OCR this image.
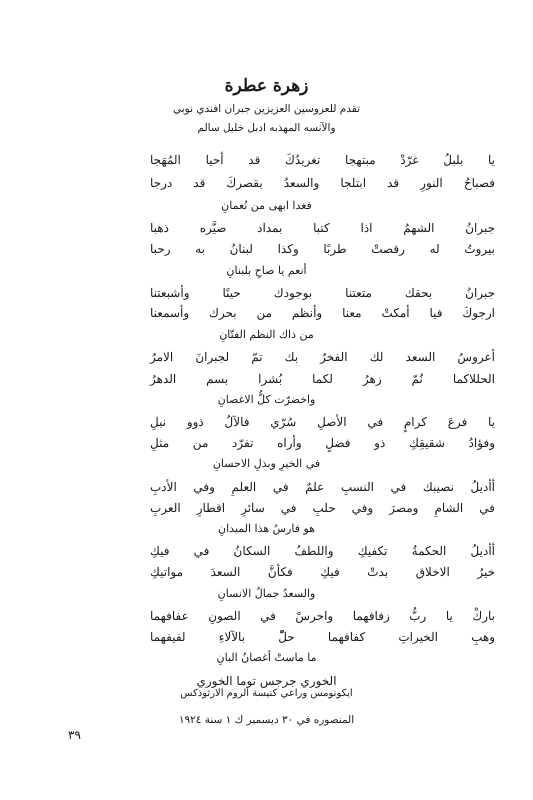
زهرة عطرة
تقدم للعروسين العزيزين جبران افندي نوبي
والآنسه المهذبه ادبل خليل سالم
يا بلبلُ غرّدْ مبتهجا تغريدُكَ قد أحيا المُهَجا
فصباحُ النورِ قد ابتلجا والسعدُ بقصركَ قد درجا
فغدا ابهى من نُعمانِ
جبرانُ الشهمُ اذا كتبا بمداد صيَّره ذهبا
بيروتُ له رقصتْ طربًا وكذا لبنانُ به رحبا
أنعم يا صاحِ بلبنانِ
جبرانُ بحقك متعتنا بوجودك حينًا وأشبعتنا
ارجوكَ فيا أمكتْ معنا وأنظم من بحرك وأسمعنا
من ذاك النظم الفتّانِ
أعروسُ السعد لك الفخرُ بك تمّ لجبرانَ الامرُ
الحللاكما نُمّ زهرُ لكما بُشرا بسم الدهرُ
واخضرّت كلُّ الاغصانِ
يا فرعَ كرامٍ في الأصلِ سُرّي فالآلُ ذوو نبلِ
وفؤادُ شقيقِكِ ذو فضلٍ وأراه تفرّد من مثلِ
في الخيرِ وبذلِ الاحسانِ
أأديلُ نصيبك في النسبِ علمٌ في العلمِ وفي الأدبِ
في الشامِ ومصرَ وفي حلبِ في سائرِ اقطارِ العربِ
هو فارسُ هذا الميدانِ
أأديلُ الحكمةُ تكفيكِ واللطفُ السكانُ في فيكِ
خيرُ الاخلاق بدتْ فيكِ فكأنَّ السعدَ مواتيكِ
والسعدُ جمالُ الانسانِ
باركْ يا ربُّ زفافهما واحرسْ في الصونِ عفافهما
وهبِ الخيراتِ كفافهما حلّْ بالآلاءِ لفيفهما
ما ماستْ أغصانُ البانِ
الخوري جرجس توما الخوري
ايكونومس وراعي كنيسة الروم الارثوذكس
المنصوره في ٣٠ ديسمبر ك ١ سنة ١٩٢٤
٣٩
